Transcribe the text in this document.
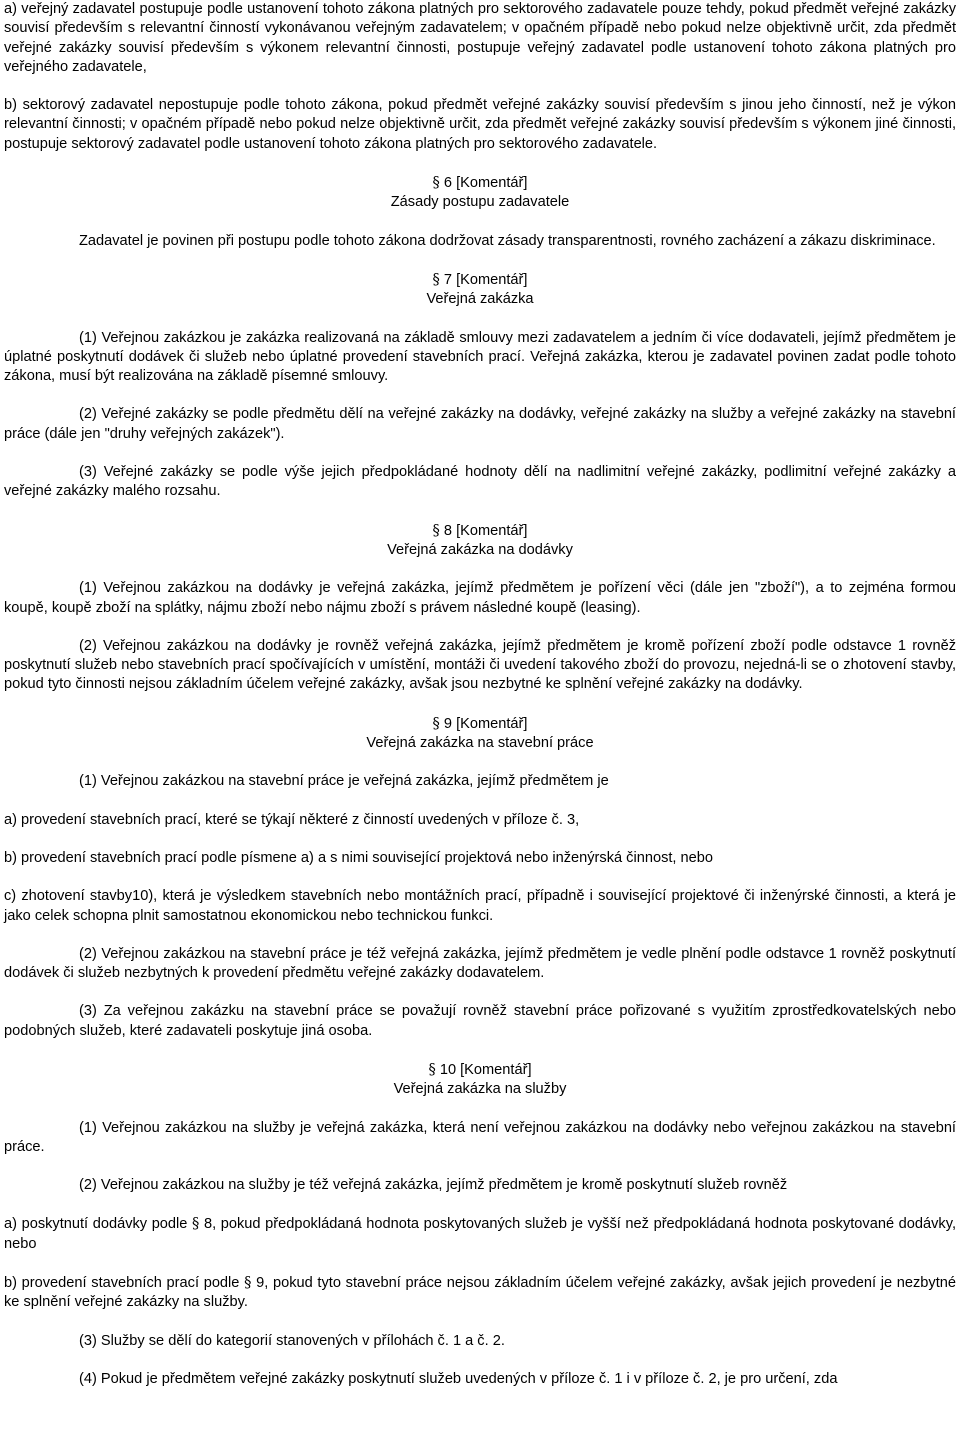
a) veřejný zadavatel postupuje podle ustanovení tohoto zákona platných pro sektorového zadavatele pouze tehdy, pokud předmět veřejné zakázky souvisí především s relevantní činností vykonávanou veřejným zadavatelem; v opačném případě nebo pokud nelze objektivně určit, zda předmět veřejné zakázky souvisí především s výkonem relevantní činnosti, postupuje veřejný zadavatel podle ustanovení tohoto zákona platných pro veřejného zadavatele,

b) sektorový zadavatel nepostupuje podle tohoto zákona, pokud předmět veřejné zakázky souvisí především s jinou jeho činností, než je výkon relevantní činnosti; v opačném případě nebo pokud nelze objektivně určit, zda předmět veřejné zakázky souvisí především s výkonem jiné činnosti, postupuje sektorový zadavatel podle ustanovení tohoto zákona platných pro sektorového zadavatele.

§ 6 [Komentář]
Zásady postupu zadavatele

Zadavatel je povinen při postupu podle tohoto zákona dodržovat zásady transparentnosti, rovného zacházení a zákazu diskriminace.

§ 7 [Komentář]
Veřejná zakázka

(1) Veřejnou zakázkou je zakázka realizovaná na základě smlouvy mezi zadavatelem a jedním či více dodavateli, jejímž předmětem je úplatné poskytnutí dodávek či služeb nebo úplatné provedení stavebních prací. Veřejná zakázka, kterou je zadavatel povinen zadat podle tohoto zákona, musí být realizována na základě písemné smlouvy.

(2) Veřejné zakázky se podle předmětu dělí na veřejné zakázky na dodávky, veřejné zakázky na služby a veřejné zakázky na stavební práce (dále jen "druhy veřejných zakázek").

(3) Veřejné zakázky se podle výše jejich předpokládané hodnoty dělí na nadlimitní veřejné zakázky, podlimitní veřejné zakázky a veřejné zakázky malého rozsahu.

§ 8 [Komentář]
Veřejná zakázka na dodávky

(1) Veřejnou zakázkou na dodávky je veřejná zakázka, jejímž předmětem je pořízení věci (dále jen "zboží"), a to zejména formou koupě, koupě zboží na splátky, nájmu zboží nebo nájmu zboží s právem následné koupě (leasing).

(2) Veřejnou zakázkou na dodávky je rovněž veřejná zakázka, jejímž předmětem je kromě pořízení zboží podle odstavce 1 rovněž poskytnutí služeb nebo stavebních prací spočívajících v umístění, montáži či uvedení takového zboží do provozu, nejedná-li se o zhotovení stavby, pokud tyto činnosti nejsou základním účelem veřejné zakázky, avšak jsou nezbytné ke splnění veřejné zakázky na dodávky.

§ 9 [Komentář]
Veřejná zakázka na stavební práce

(1) Veřejnou zakázkou na stavební práce je veřejná zakázka, jejímž předmětem je

a) provedení stavebních prací, které se týkají některé z činností uvedených v příloze č. 3,

b) provedení stavebních prací podle písmene a) a s nimi související projektová nebo inženýrská činnost, nebo

c) zhotovení stavby10), která je výsledkem stavebních nebo montážních prací, případně i související projektové či inženýrské činnosti, a která je jako celek schopna plnit samostatnou ekonomickou nebo technickou funkci.

(2) Veřejnou zakázkou na stavební práce je též veřejná zakázka, jejímž předmětem je vedle plnění podle odstavce 1 rovněž poskytnutí dodávek či služeb nezbytných k provedení předmětu veřejné zakázky dodavatelem.

(3) Za veřejnou zakázku na stavební práce se považují rovněž stavební práce pořizované s využitím zprostředkovatelských nebo podobných služeb, které zadavateli poskytuje jiná osoba.

§ 10 [Komentář]
Veřejná zakázka na služby

(1) Veřejnou zakázkou na služby je veřejná zakázka, která není veřejnou zakázkou na dodávky nebo veřejnou zakázkou na stavební práce.

(2) Veřejnou zakázkou na služby je též veřejná zakázka, jejímž předmětem je kromě poskytnutí služeb rovněž

a) poskytnutí dodávky podle § 8, pokud předpokládaná hodnota poskytovaných služeb je vyšší než předpokládaná hodnota poskytované dodávky, nebo

b) provedení stavebních prací podle § 9, pokud tyto stavební práce nejsou základním účelem veřejné zakázky, avšak jejich provedení je nezbytné ke splnění veřejné zakázky na služby.

(3) Služby se dělí do kategorií stanovených v přílohách č. 1 a č. 2.

(4) Pokud je předmětem veřejné zakázky poskytnutí služeb uvedených v příloze č. 1 i v příloze č. 2, je pro určení, zda
